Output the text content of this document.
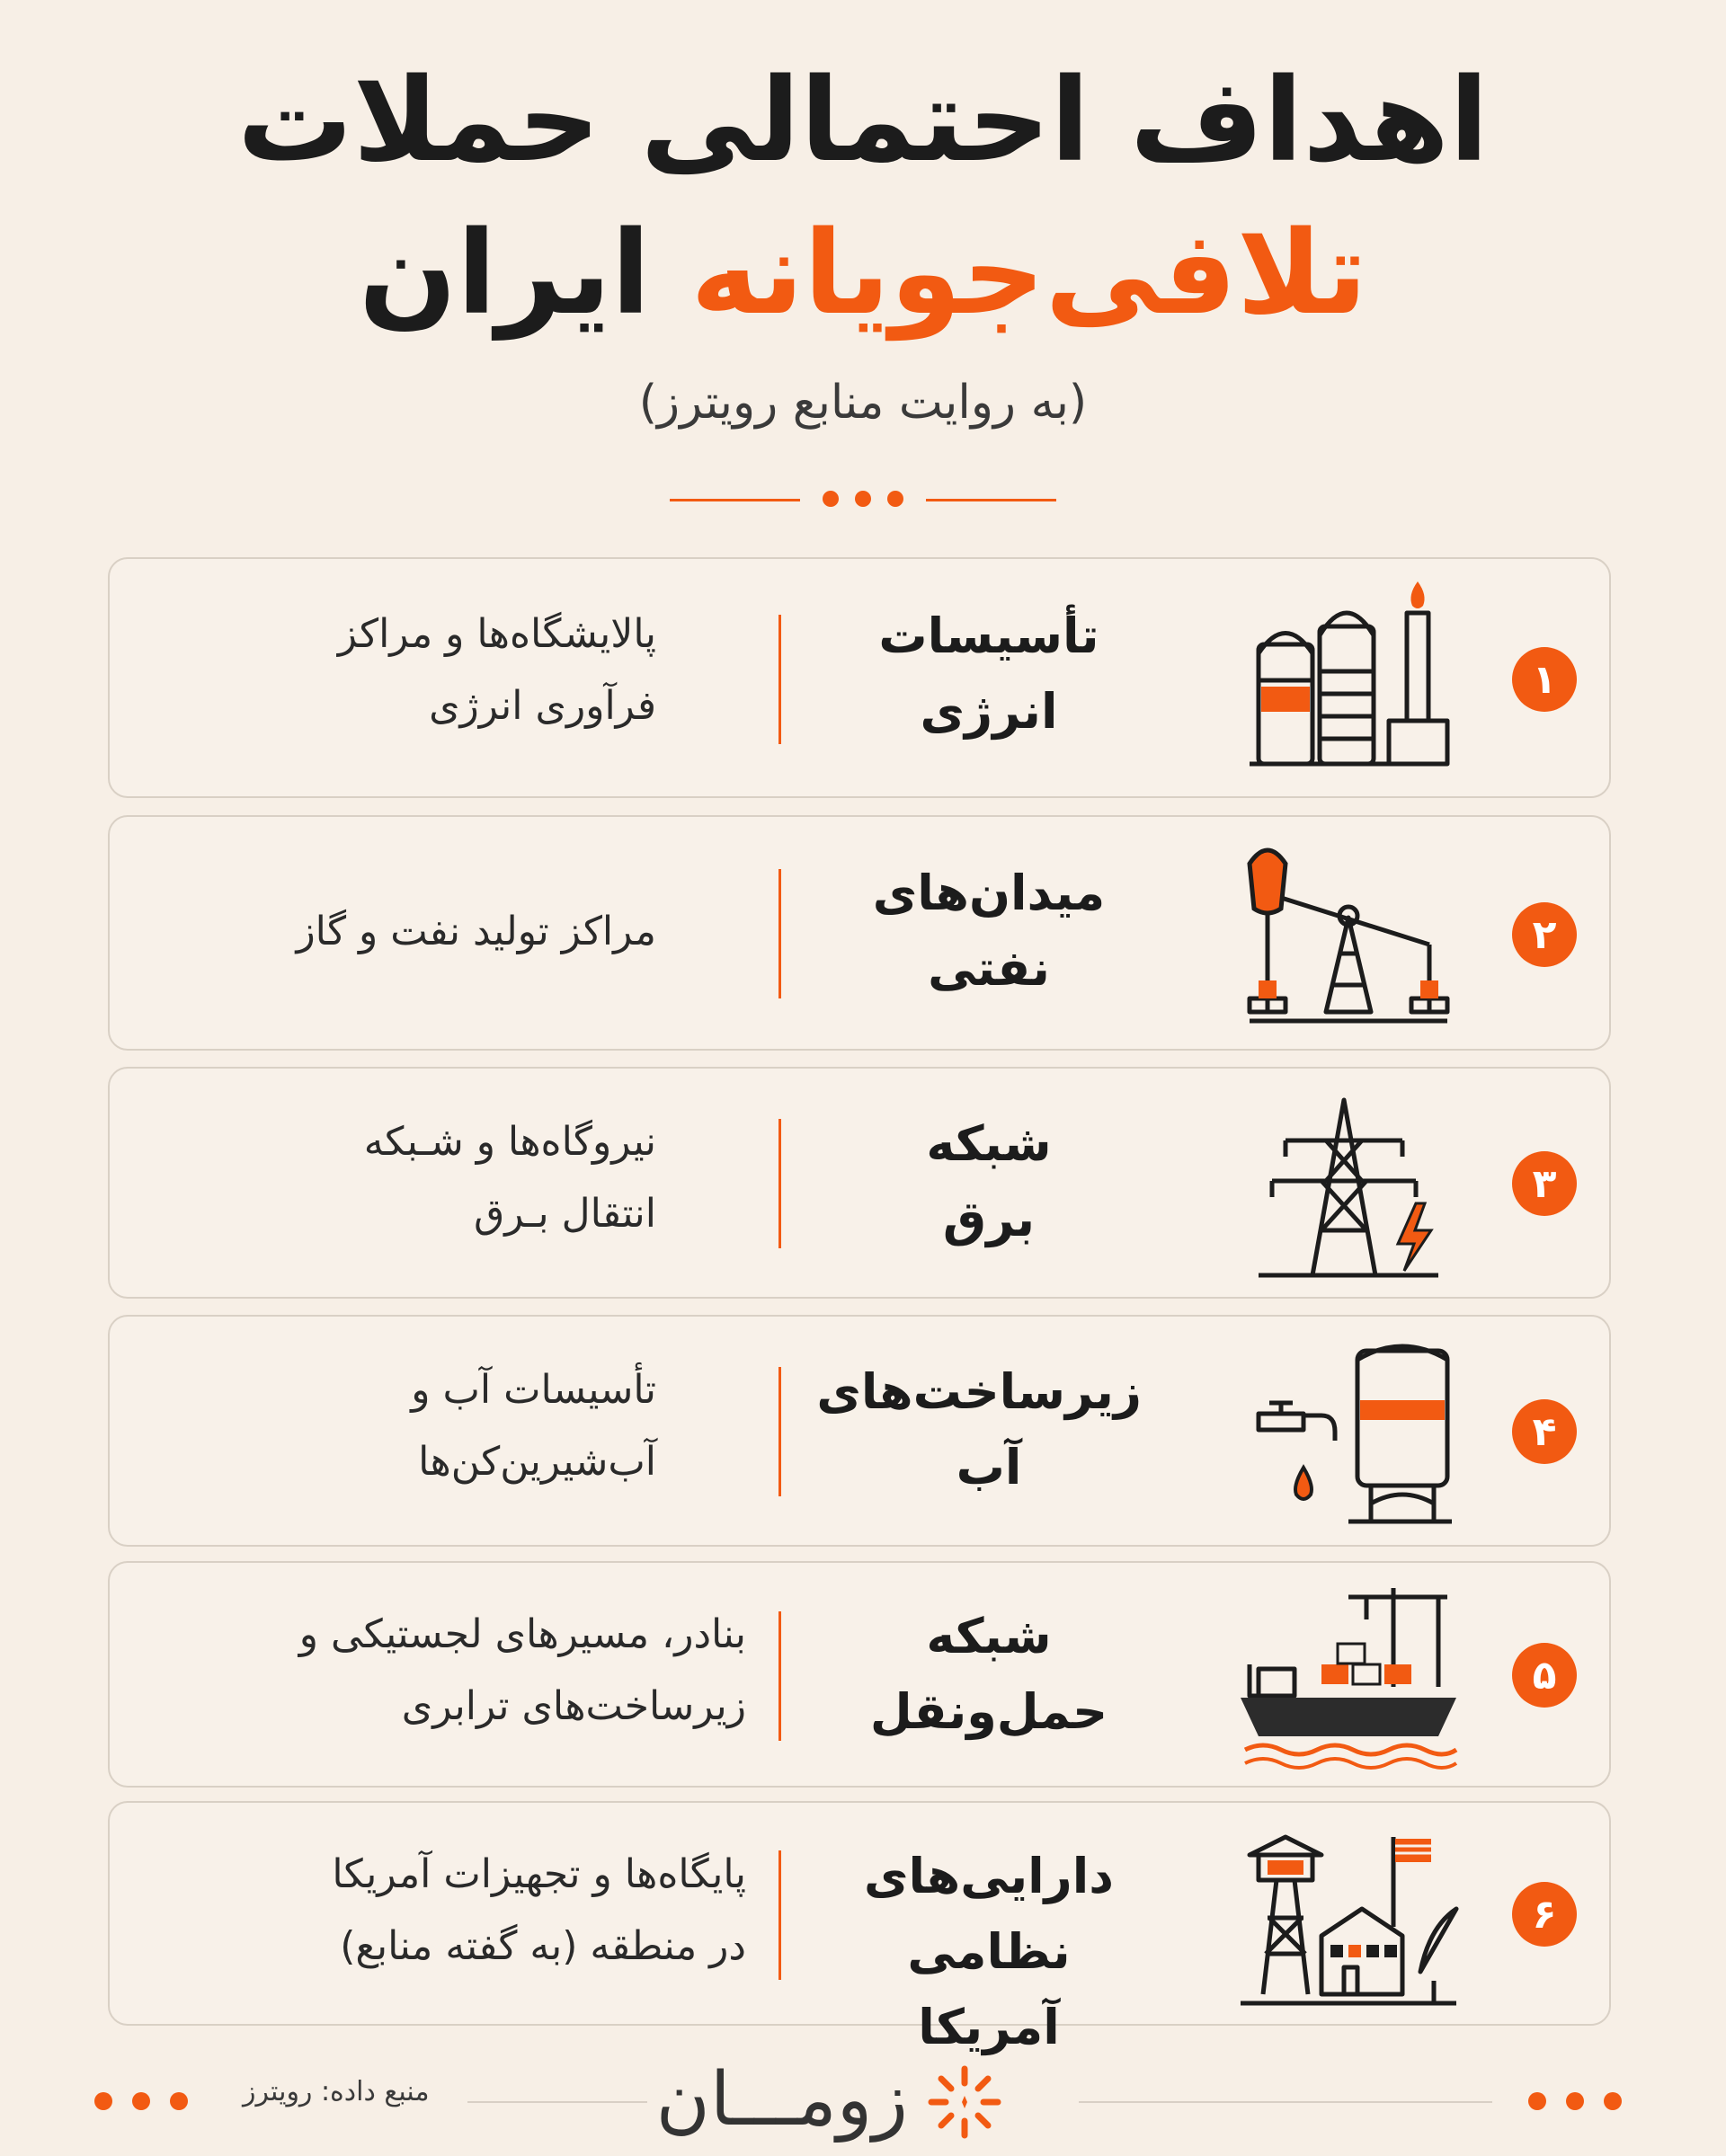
اهداف احتمالی حملات
تلافی‌جویانه ایران
(به روایت منابع رویترز)
۱
تأسیسات
انرژی
پالایشگاه‌ها و مراکز
فرآوری انرژی
۲
میدان‌های
نفتی
مراکز تولید نفت و گاز
۳
شبکه
برق
نیروگاه‌ها و شـبکه
انتقال بـرق
۴
زیرساخت‌های
آب
تأسیسات آب و
آب‌شیرین‌کن‌ها
۵
شبکه
حمل‌ونقل
بنادر، مسیرهای لجستیکی و
زیرساخت‌های ترابری
۶
دارایی‌های
نظامی آمریکا
پایگاه‌ها و تجهیزات آمریکا
در منطقه (به گفته منابع)
منبع داده: رویترز	زومـــان
